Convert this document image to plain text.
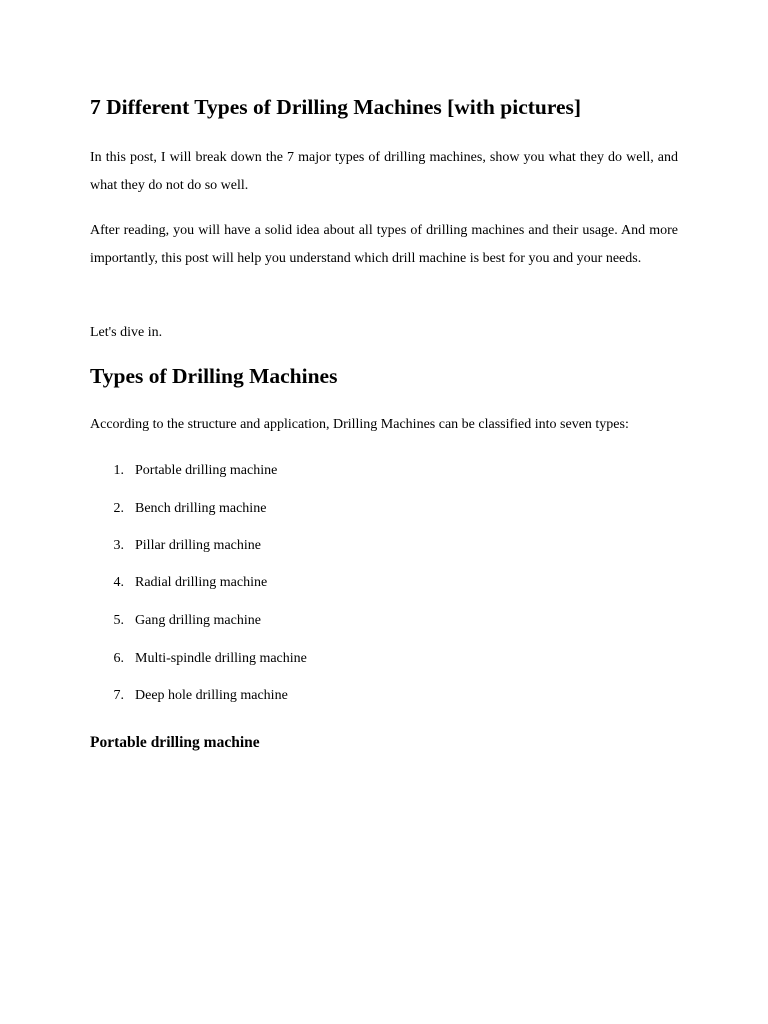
7 Different Types of Drilling Machines [with pictures]

In this post, I will break down the 7 major types of drilling machines, show you what they do well, and what they do not do so well.

After reading, you will have a solid idea about all types of drilling machines and their usage. And more importantly, this post will help you understand which drill machine is best for you and your needs.

Let's dive in.

Types of Drilling Machines

According to the structure and application, Drilling Machines can be classified into seven types:

1. Portable drilling machine
2. Bench drilling machine
3. Pillar drilling machine
4. Radial drilling machine
5. Gang drilling machine
6. Multi-spindle drilling machine
7. Deep hole drilling machine
Portable drilling machine
